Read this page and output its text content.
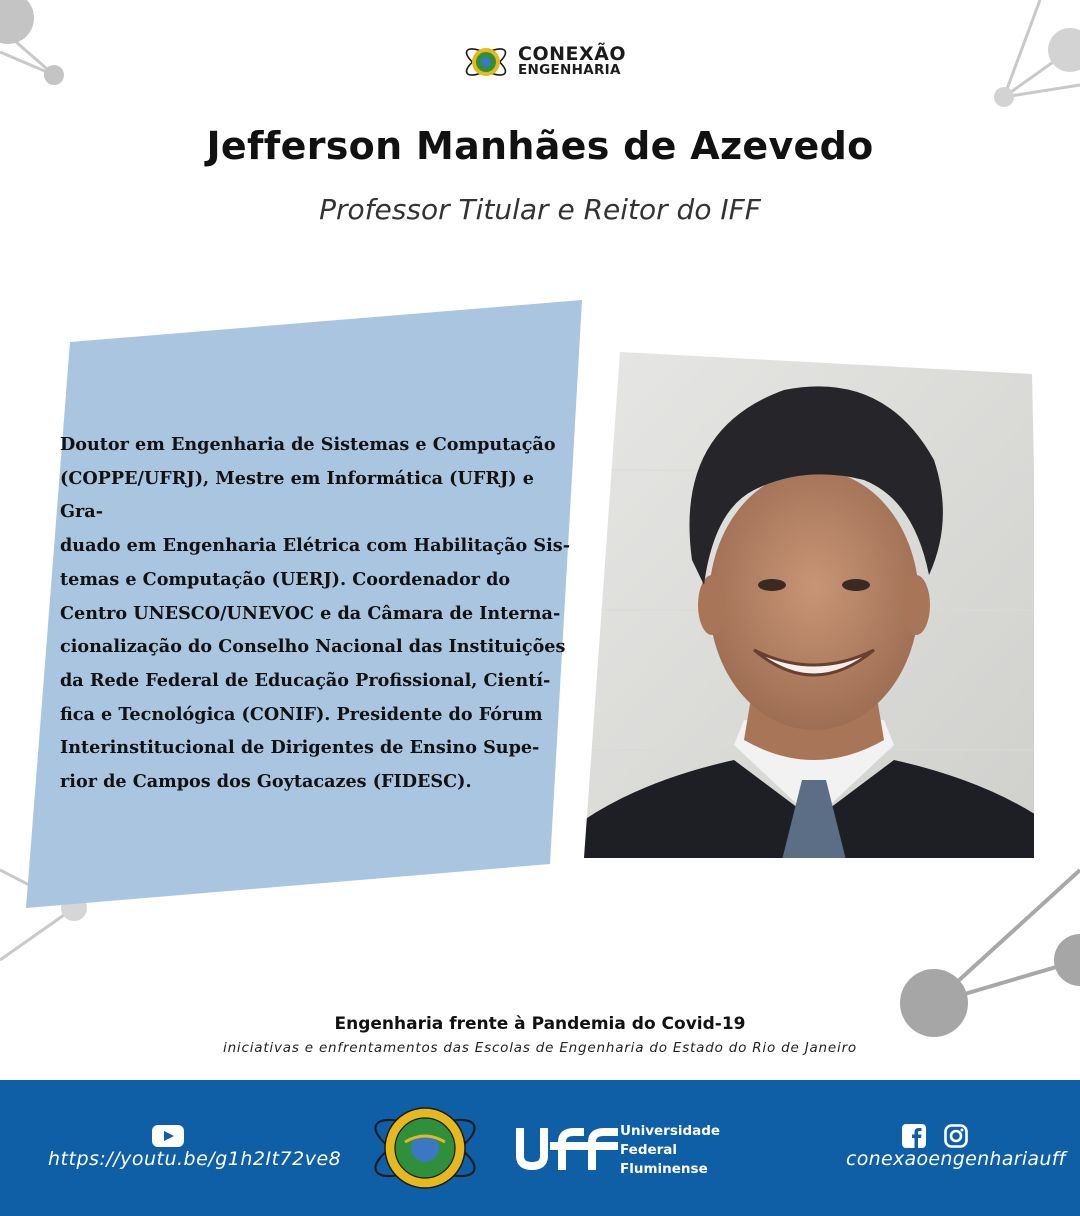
CONEXÃO
ENGENHARIA
Jefferson Manhães de Azevedo
Professor Titular e Reitor do IFF
Doutor em Engenharia de Sistemas e Computação
(COPPE/UFRJ), Mestre em Informática (UFRJ) e Gra-
duado em Engenharia Elétrica com Habilitação Sis-
temas e Computação (UERJ). Coordenador do
Centro UNESCO/UNEVOC e da Câmara de Interna-
cionalização do Conselho Nacional das Instituições
da Rede Federal de Educação Profissional, Cientí-
fica e Tecnológica (CONIF). Presidente do Fórum
Interinstitucional de Dirigentes de Ensino Supe-
rior de Campos dos Goytacazes (FIDESC).
Engenharia frente à Pandemia do Covid-19
iniciativas e enfrentamentos das Escolas de Engenharia do Estado do Rio de Janeiro
https://youtu.be/g1h2It72ve8
Universidade
Federal
Fluminense	conexaoengenhariauff
